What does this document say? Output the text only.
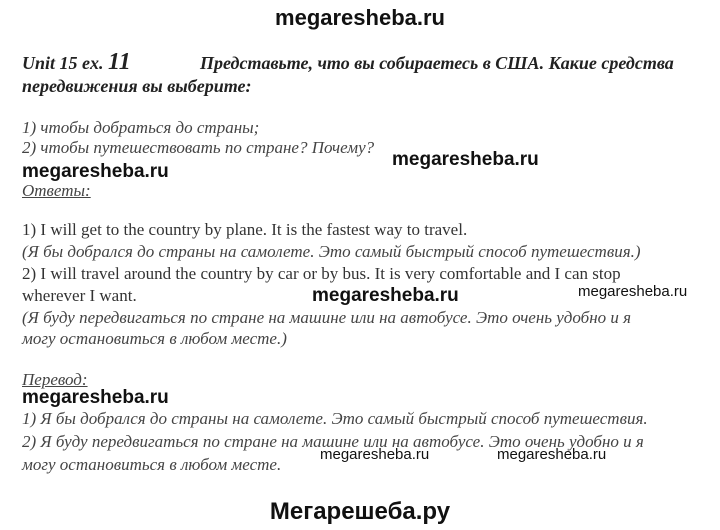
megaresheba.ru
Unit 15 ex. 11	Представьте, что вы собираетесь в США. Какие средства
передвижения вы выберите:
1) чтобы добраться до страны;
2) чтобы путешествовать по стране? Почему?
megaresheba.ru
megaresheba.ru
Ответы:
1) I will get to the country by plane. It is the fastest way to travel.
(Я бы добрался до страны на самолете. Это самый быстрый способ путешествия.)
2) I will travel around the country by car or by bus. It is very comfortable and I can stop
wherever I want.	megaresheba.ru	megaresheba.ru
(Я буду передвигаться по стране на машине или на автобусе. Это очень удобно и я
могу остановиться в любом месте.)
Перевод:
megaresheba.ru
1) Я бы добрался до страны на самолете. Это самый быстрый способ путешествия.
2) Я буду передвигаться по стране на машине или на автобусе. Это очень удобно и я
могу остановиться в любом месте.
megaresheba.ru	megaresheba.ru
Мегарешеба.ру
